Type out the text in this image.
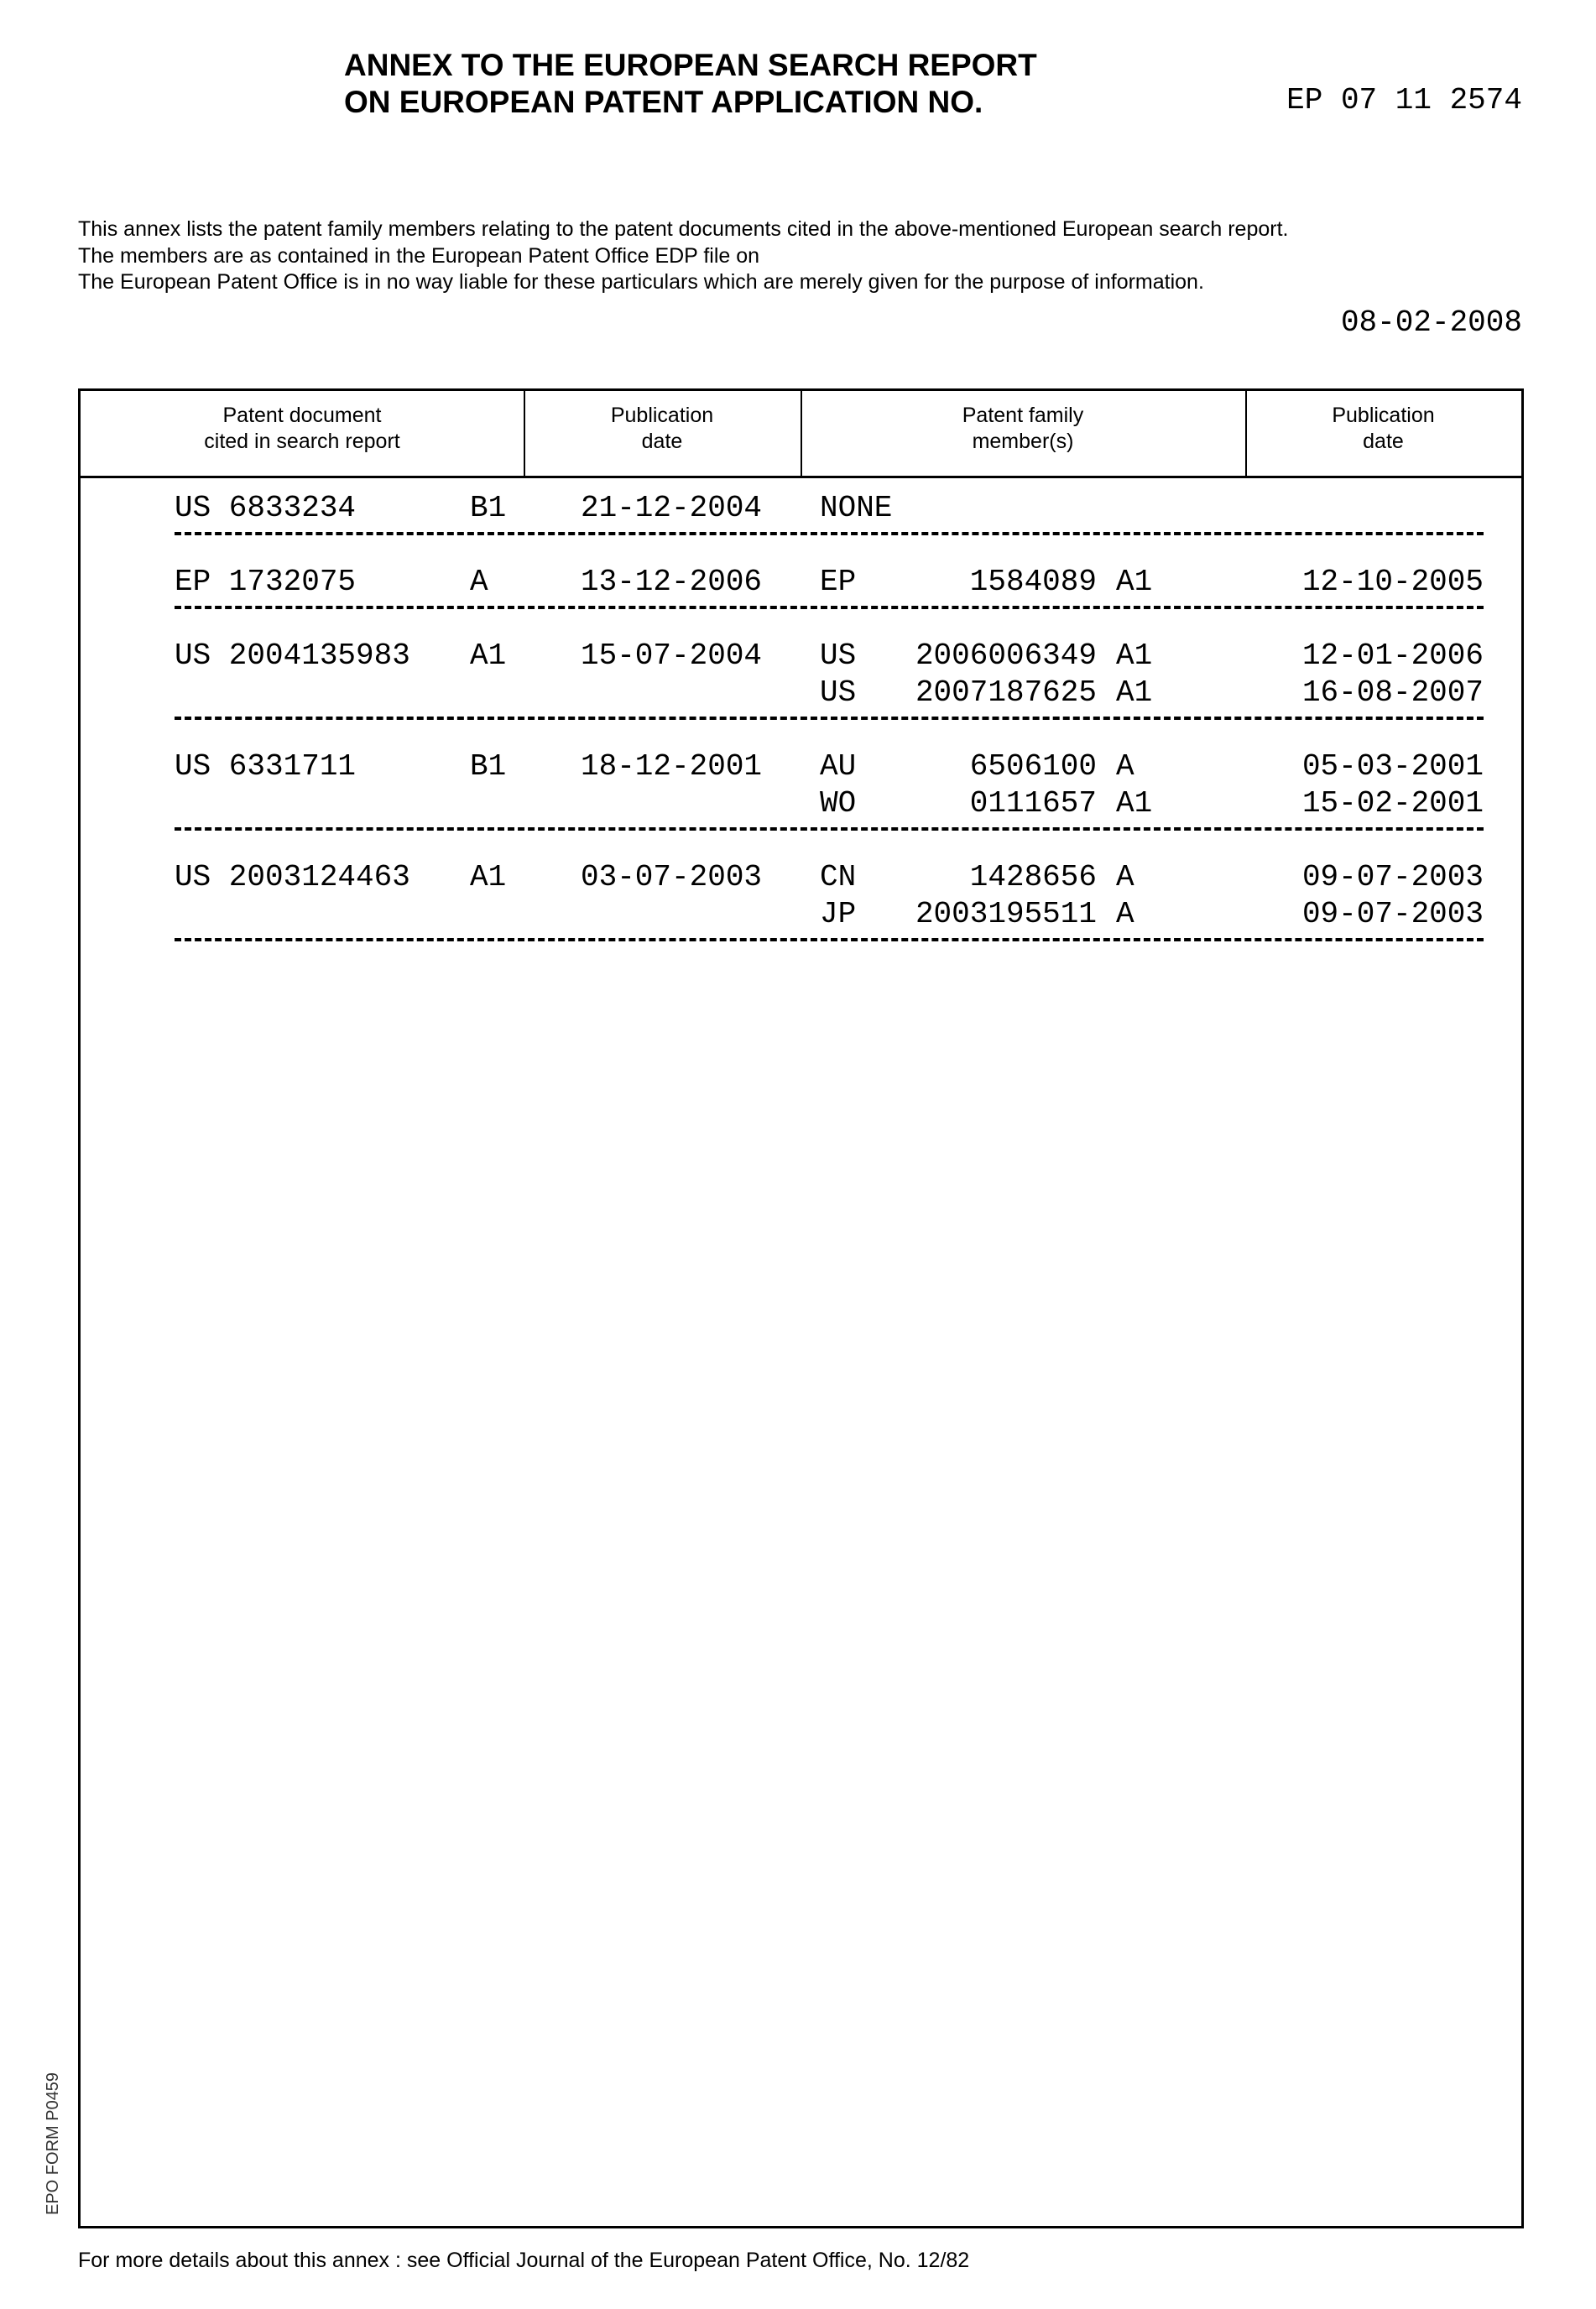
ANNEX TO THE EUROPEAN SEARCH REPORT
ON EUROPEAN PATENT APPLICATION NO.	EP 07 11 2574
This annex lists the patent family members relating to the patent documents cited in the above-mentioned European search report.
The members are as contained in the European Patent Office EDP file on
The European Patent Office is in no way liable for these particulars which are merely given for the purpose of information.
08-02-2008
Patent document
cited in search report
Publication
date
Patent family
member(s)
Publication
date
US 6833234	B1 21-12-2004 NONE
EP 1732075	A	13-12-2006 EP	1584089 A1	12-10-2005
US 2004135983 A1 15-07-2004 US 2006006349 A1	12-01-2006
US 2007187625 A1	16-08-2007
US 6331711	B1 18-12-2001 AU	6506100 A	05-03-2001
WO	0111657 A1	15-02-2001
US 2003124463 A1 03-07-2003 CN	1428656 A	09-07-2003
JP 2003195511 A	09-07-2003
EPO FORM P0459
For more details about this annex : see Official Journal of the European Patent Office, No. 12/82
